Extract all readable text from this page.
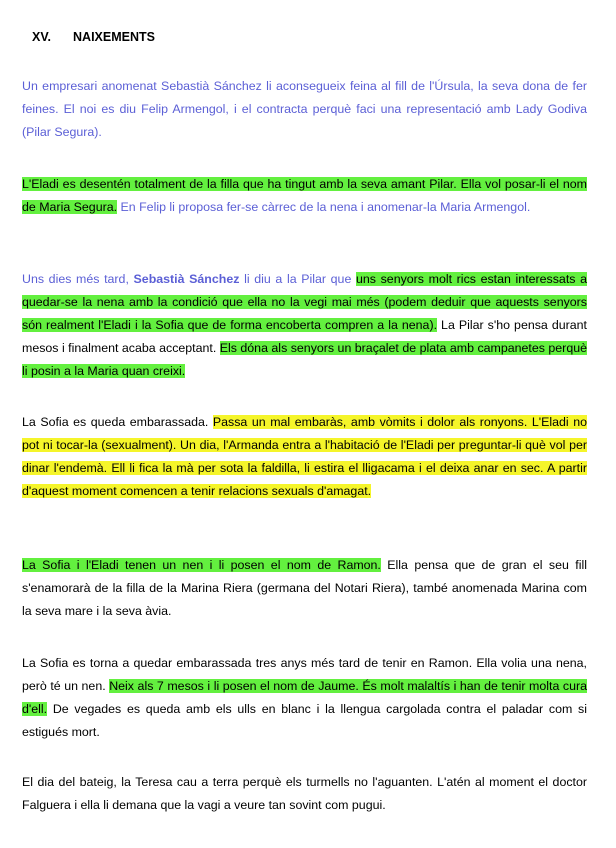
XV. NAIXEMENTS

Un empresari anomenat Sebastià Sánchez li aconsegueix feina al fill de l'Úrsula, la seva dona de fer feines. El noi es diu Felip Armengol, i el contracta perquè faci una representació amb Lady Godiva (Pilar Segura).

L'Eladi es desentén totalment de la filla que ha tingut amb la seva amant Pilar. Ella vol posar-li el nom de Maria Segura. En Felip li proposa fer-se càrrec de la nena i anomenar-la Maria Armengol.

Uns dies més tard, Sebastià Sánchez li diu a la Pilar que uns senyors molt rics estan interessats a quedar-se la nena amb la condició que ella no la vegi mai més (podem deduir que aquests senyors són realment l'Eladi i la Sofia que de forma encoberta compren a la nena). La Pilar s'ho pensa durant mesos i finalment acaba acceptant. Els dóna als senyors un braçalet de plata amb campanetes perquè li posin a la Maria quan creixi.

La Sofia es queda embarassada. Passa un mal embaràs, amb vòmits i dolor als ronyons. L'Eladi no pot ni tocar-la (sexualment). Un dia, l'Armanda entra a l'habitació de l'Eladi per preguntar-li què vol per dinar l'endemà. Ell li fica la mà per sota la faldilla, li estira el lligacama i el deixa anar en sec. A partir d'aquest moment comencen a tenir relacions sexuals d'amagat.

La Sofia i l'Eladi tenen un nen i li posen el nom de Ramon. Ella pensa que de gran el seu fill s'enamorarà de la filla de la Marina Riera (germana del Notari Riera), també anomenada Marina com la seva mare i la seva àvia.

La Sofia es torna a quedar embarassada tres anys més tard de tenir en Ramon. Ella volia una nena, però té un nen. Neix als 7 mesos i li posen el nom de Jaume. És molt malaltís i han de tenir molta cura d'ell. De vegades es queda amb els ulls en blanc i la llengua cargolada contra el paladar com si estigués mort.

El dia del bateig, la Teresa cau a terra perquè els turmells no l'aguanten. L'atén al moment el doctor Falguera i ella li demana que la vagi a veure tan sovint com pugui.
